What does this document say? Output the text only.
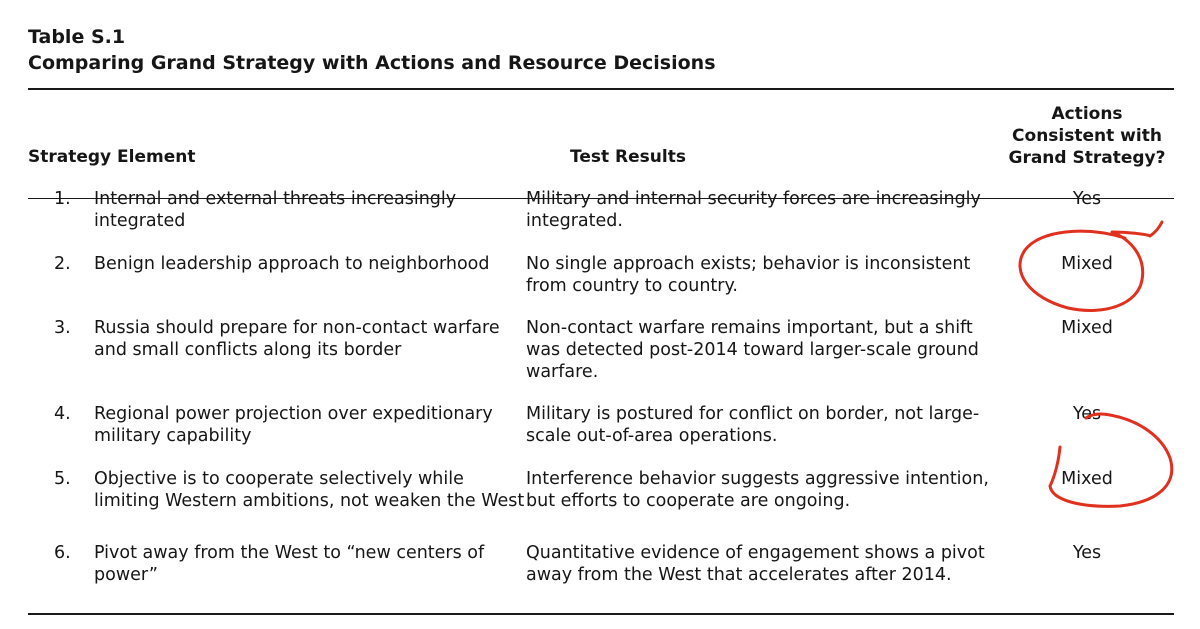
Table S.1
Comparing Grand Strategy with Actions and Resource Decisions
Strategy Element	Test Results
Actions Consistent with Grand Strategy?
1. Internal and external threats increasingly integrated
Military and internal security forces are increasingly integrated.
Yes
2. Benign leadership approach to neighborhood	No single approach exists; behavior is inconsistent from country to country.
Mixed
3. Russia should prepare for non-contact warfare and small conflicts along its border
Non-contact warfare remains important, but a shift was detected post-2014 toward larger-scale ground warfare.
Mixed
4. Regional power projection over expeditionary military capability
Military is postured for conflict on border, not large-scale out-of-area operations.
Yes
5. Objective is to cooperate selectively while limiting Western ambitions, not weaken the West
Interference behavior suggests aggressive intention, but efforts to cooperate are ongoing.
Mixed
6. Pivot away from the West to “new centers of power”
Quantitative evidence of engagement shows a pivot away from the West that accelerates after 2014.
Yes
